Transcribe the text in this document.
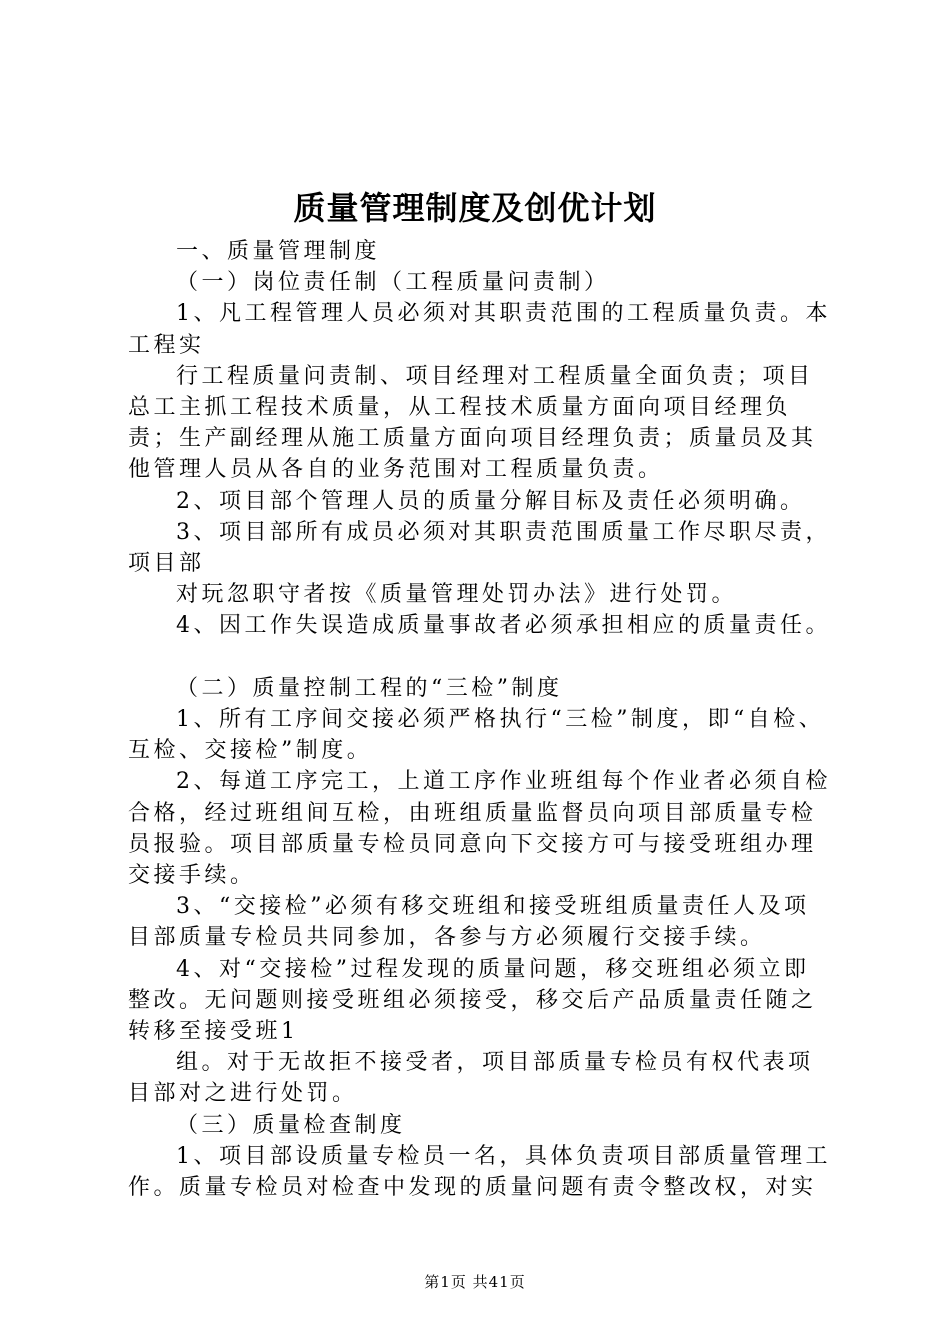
质量管理制度及创优计划

一、质量管理制度

（一）岗位责任制（工程质量问责制）

1、凡工程管理人员必须对其职责范围的工程质量负责。本工程实

行工程质量问责制、项目经理对工程质量全面负责；项目总工主抓工程技术质量，从工程技术质量方面向项目经理负责；生产副经理从施工质量方面向项目经理负责；质量员及其他管理人员从各自的业务范围对工程质量负责。

2、项目部个管理人员的质量分解目标及责任必须明确。

3、项目部所有成员必须对其职责范围质量工作尽职尽责，项目部

对玩忽职守者按《质量管理处罚办法》进行处罚。

4、因工作失误造成质量事故者必须承担相应的质量责任。

（二）质量控制工程的“三检”制度

1、所有工序间交接必须严格执行“三检”制度，即“自检、互检、交接检”制度。

2、每道工序完工，上道工序作业班组每个作业者必须自检合格，经过班组间互检，由班组质量监督员向项目部质量专检员报验。项目部质量专检员同意向下交接方可与接受班组办理交接手续。

3、“交接检”必须有移交班组和接受班组质量责任人及项目部质量专检员共同参加，各参与方必须履行交接手续。

4、对“交接检”过程发现的质量问题，移交班组必须立即整改。无问题则接受班组必须接受，移交后产品质量责任随之转移至接受班1

组。对于无故拒不接受者，项目部质量专检员有权代表项目部对之进行处罚。

（三）质量检查制度

1、项目部设质量专检员一名，具体负责项目部质量管理工作。质量专检员对检查中发现的质量问题有责令整改权，对实

第1页 共41页
